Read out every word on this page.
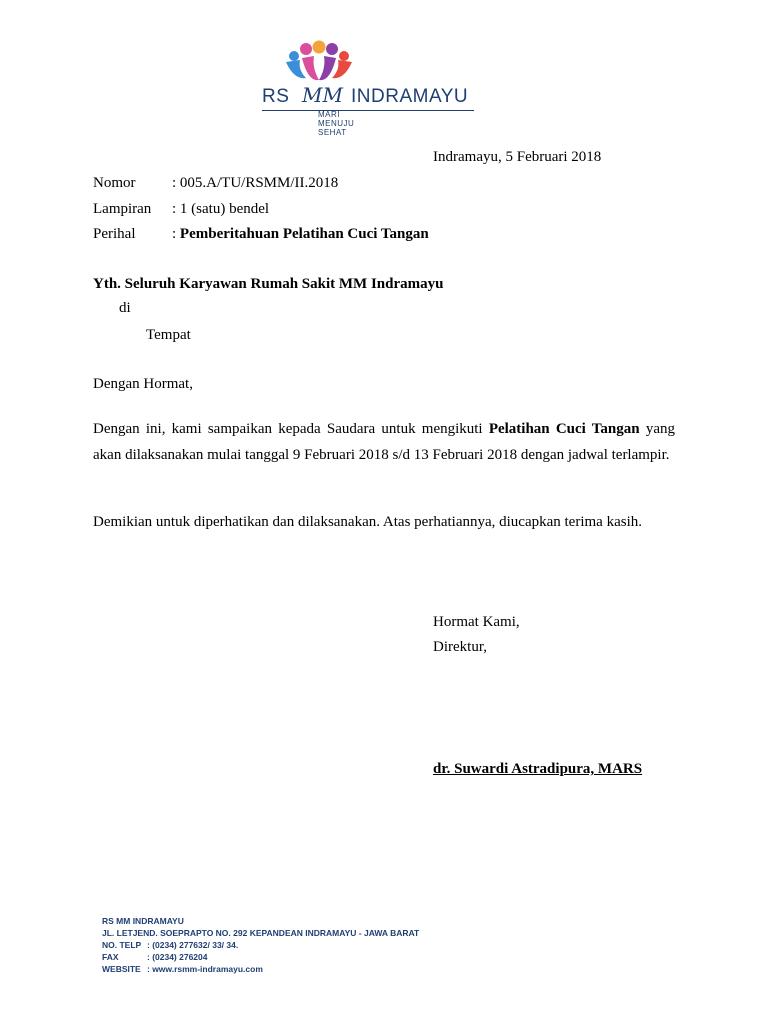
RS MM INDRAMAYU
MARI MENUJU SEHAT
Indramayu, 5 Februari 2018
Nomor : 005.A/TU/RSMM/II.2018
Lampiran : 1 (satu) bendel
Perihal : Pemberitahuan Pelatihan Cuci Tangan
Yth. Seluruh Karyawan Rumah Sakit MM Indramayu
di
Tempat
Dengan Hormat,
Dengan ini, kami sampaikan kepada Saudara untuk mengikuti Pelatihan Cuci Tangan yang akan dilaksanakan mulai tanggal 9 Februari 2018 s/d 13 Februari 2018 dengan jadwal terlampir.
Demikian untuk diperhatikan dan dilaksanakan. Atas perhatiannya, diucapkan terima kasih.
Hormat Kami,
Direktur,
dr. Suwardi Astradipura, MARS
RS MM INDRAMAYU
JL. LETJEND. SOEPRAPTO NO. 292 KEPANDEAN INDRAMAYU - JAWA BARAT
NO. TELP : (0234) 277632/ 33/ 34.
FAX	: (0234) 276204
WEBSITE : www.rsmm-indramayu.com
